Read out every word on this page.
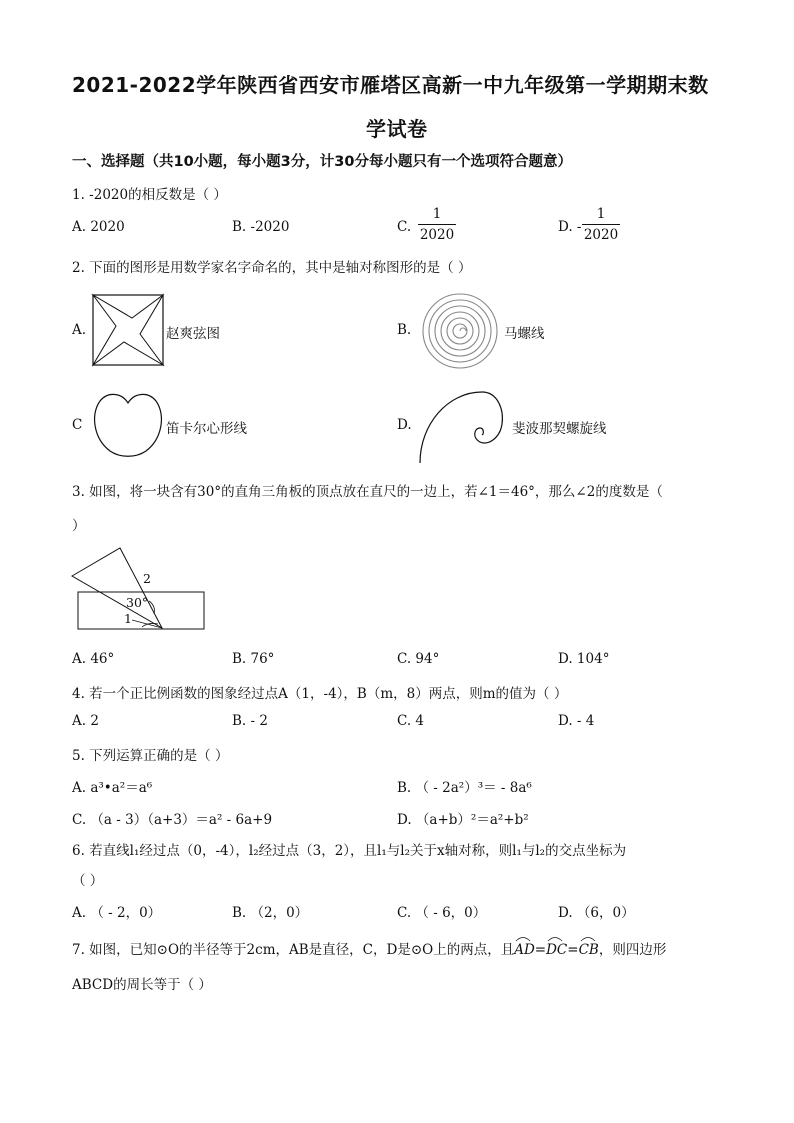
2021-2022学年陕西省西安市雁塔区高新一中九年级第一学期期末数
学试卷
一、选择题（共10小题，每小题3分，计30分每小题只有一个选项符合题意）
1. -2020的相反数是（ ）
A. 2020	B. -2020	C.
1
2020	D. -
1
2020
2. 下面的图形是用数学家名字命名的，其中是轴对称图形的是（ ）
A.	赵爽弦图	B.	马螺线
C	笛卡尔心形线	D.	斐波那契螺旋线
3. 如图，将一块含有30°的直角三角板的顶点放在直尺的一边上，若∠1＝46°，那么∠2的度数是（
）
30°
1
2
A. 46°	B. 76°	C. 94°	D. 104°
4. 若一个正比例函数的图象经过点A（1，-4），B（m，8）两点，则m的值为（ ）
A. 2	B. - 2	C. 4	D. - 4
5. 下列运算正确的是（ ）
A. a³•a²＝a⁶	B. （ - 2a²）³＝ - 8a⁶
C. （a - 3）（a+3）＝a² - 6a+9	D. （a+b）²＝a²+b²
6. 若直线l₁经过点（0，-4），l₂经过点（3，2），且l₁与l₂关于x轴对称，则l₁与l₂的交点坐标为
（ ）
A. （ - 2，0）	B. （2，0）	C. （ - 6，0）	D. （6，0）
7. 如图，已知⊙O的半径等于2cm，AB是直径，C，D是⊙O上的两点，且 AD = DC = CB ，则四边形
ABCD的周长等于（ ）
